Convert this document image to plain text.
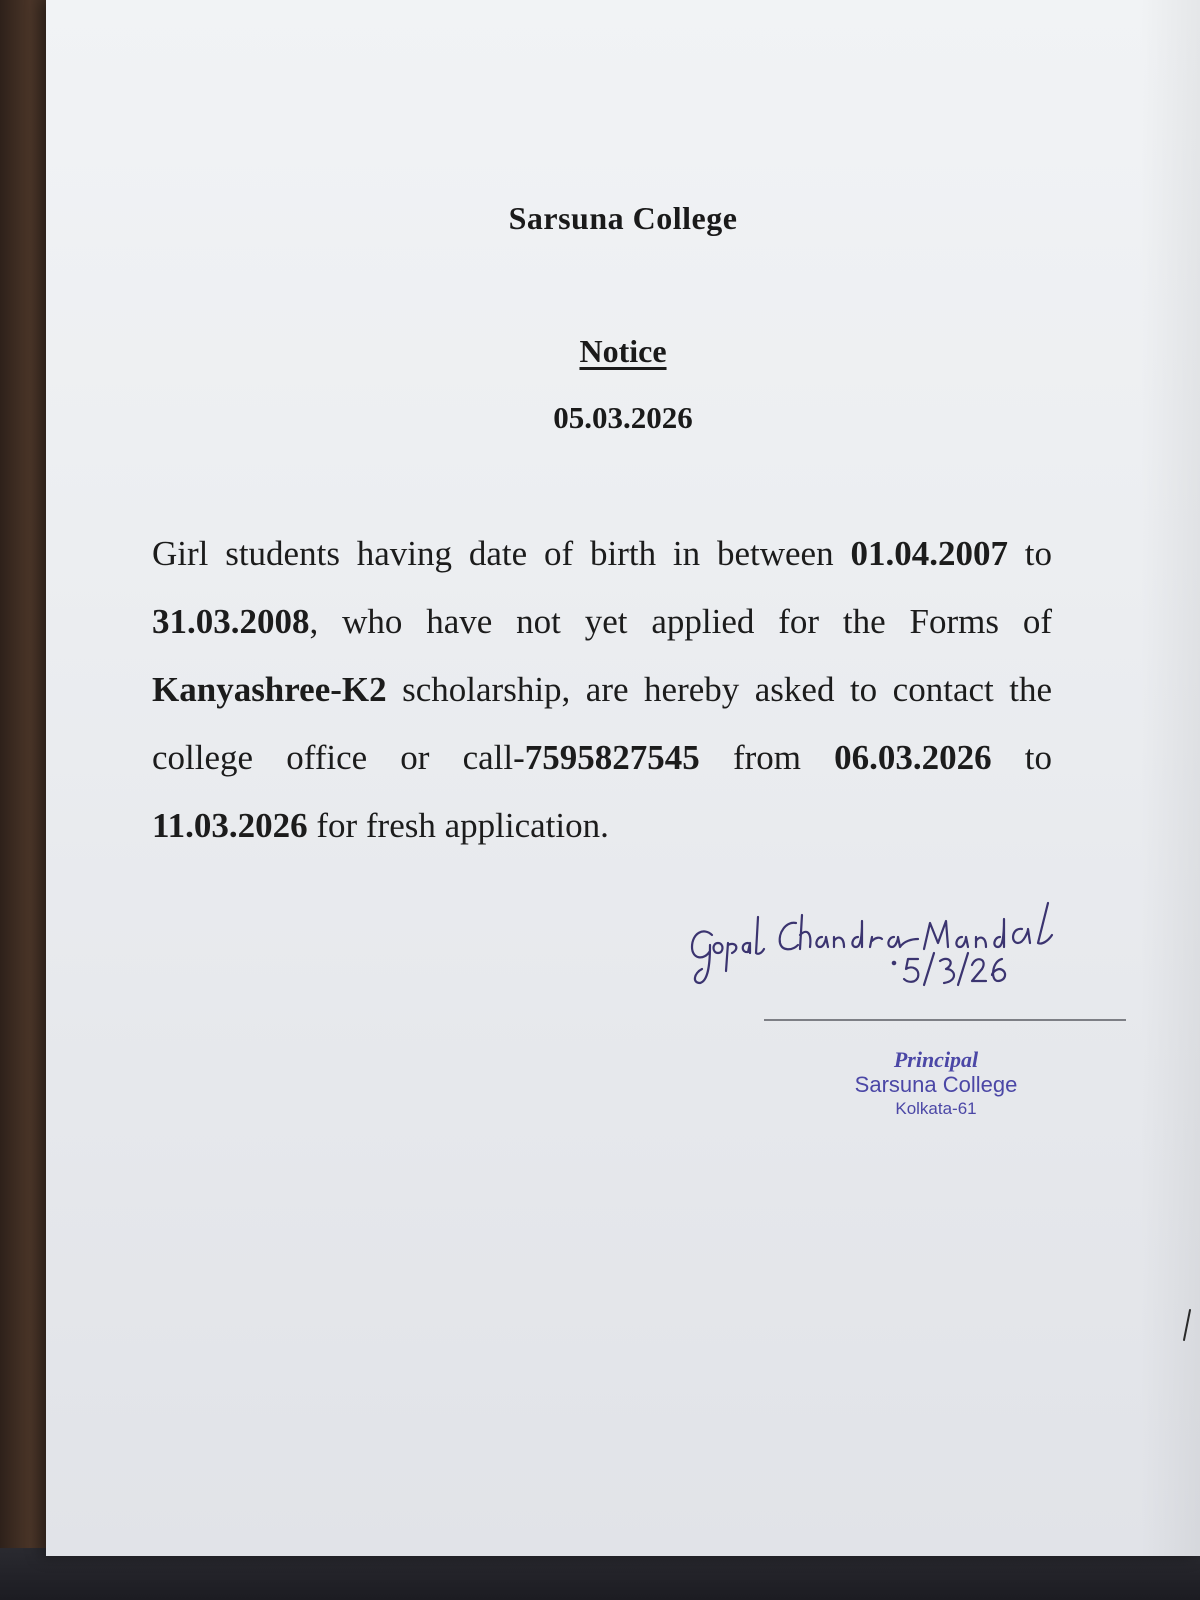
Sarsuna College
Notice
05.03.2026
Girl students having date of birth in between 01.04.2007 to 31.03.2008, who have not yet applied for the Forms of Kanyashree-K2 scholarship, are hereby asked to contact the college office or call-7595827545 from 06.03.2026 to 11.03.2026 for fresh application.
Principal
Sarsuna College
Kolkata-61
